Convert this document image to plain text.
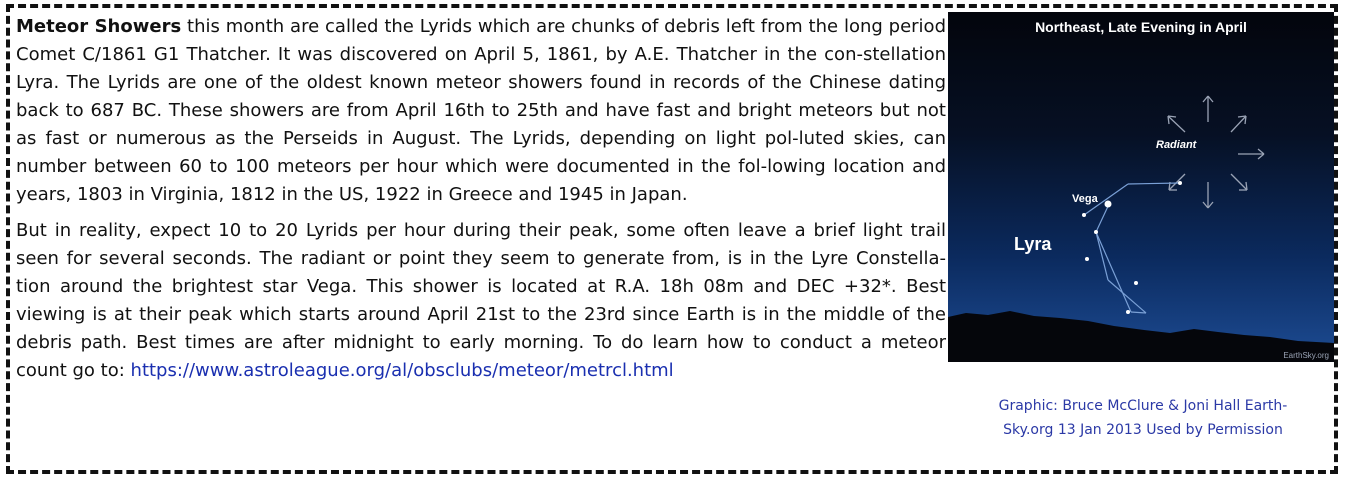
Meteor Showers this month are called the Lyrids which are chunks of debris left from the long period Comet C/1861 G1 Thatcher. It was discovered on April 5, 1861, by A.E. Thatcher in the con-stellation Lyra. The Lyrids are one of the oldest known meteor showers found in records of the Chinese dating back to 687 BC. These showers are from April 16th to 25th and have fast and bright meteors but not as fast or numerous as the Perseids in August. The Lyrids, depending on light pol-luted skies, can number between 60 to 100 meteors per hour which were documented in the fol-lowing location and years, 1803 in Virginia, 1812 in the US, 1922 in Greece and 1945 in Japan.

But in reality, expect 10 to 20 Lyrids per hour during their peak, some often leave a brief light trail seen for several seconds. The radiant or point they seem to generate from, is in the Lyre Constella-tion around the brightest star Vega. This shower is located at R.A. 18h 08m and DEC +32*. Best viewing is at their peak which starts around April 21st to the 23rd since Earth is in the middle of the debris path. Best times are after midnight to early morning. To do learn how to conduct a meteor count go to: https://www.astroleague.org/al/obsclubs/meteor/metrcl.html

Northeast, Late Evening in April
Radiant
Vega
Lyra
EarthSky.org
Graphic: Bruce McClure & Joni Hall Earth-
Sky.org 13 Jan 2013 Used by Permission
